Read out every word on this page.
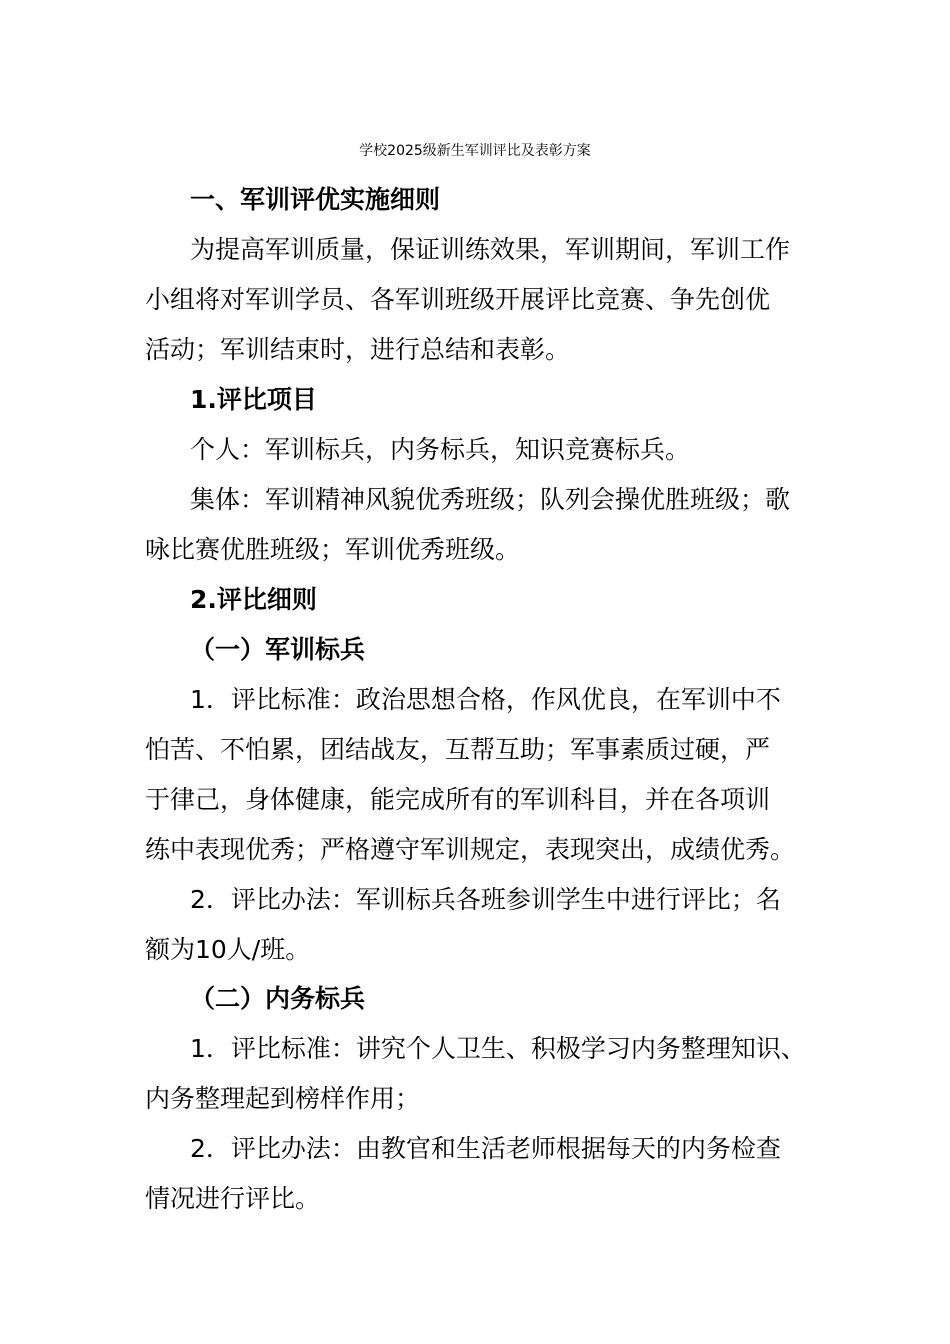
学校2025级新生军训评比及表彰方案
一、军训评优实施细则
为提高军训质量，保证训练效果，军训期间，军训工作
小组将对军训学员、各军训班级开展评比竞赛、争先创优
活动；军训结束时，进行总结和表彰。
1.评比项目
个人：军训标兵，内务标兵，知识竞赛标兵。
集体：军训精神风貌优秀班级；队列会操优胜班级；歌
咏比赛优胜班级；军训优秀班级。
2.评比细则
（一）军训标兵
1．评比标准：政治思想合格，作风优良，在军训中不
怕苦、不怕累，团结战友，互帮互助；军事素质过硬，严
于律己，身体健康，能完成所有的军训科目，并在各项训
练中表现优秀；严格遵守军训规定，表现突出，成绩优秀。
2．评比办法：军训标兵各班参训学生中进行评比；名
额为10人/班。
（二）内务标兵
1．评比标准：讲究个人卫生、积极学习内务整理知识、
内务整理起到榜样作用；
2．评比办法：由教官和生活老师根据每天的内务检查
情况进行评比。
